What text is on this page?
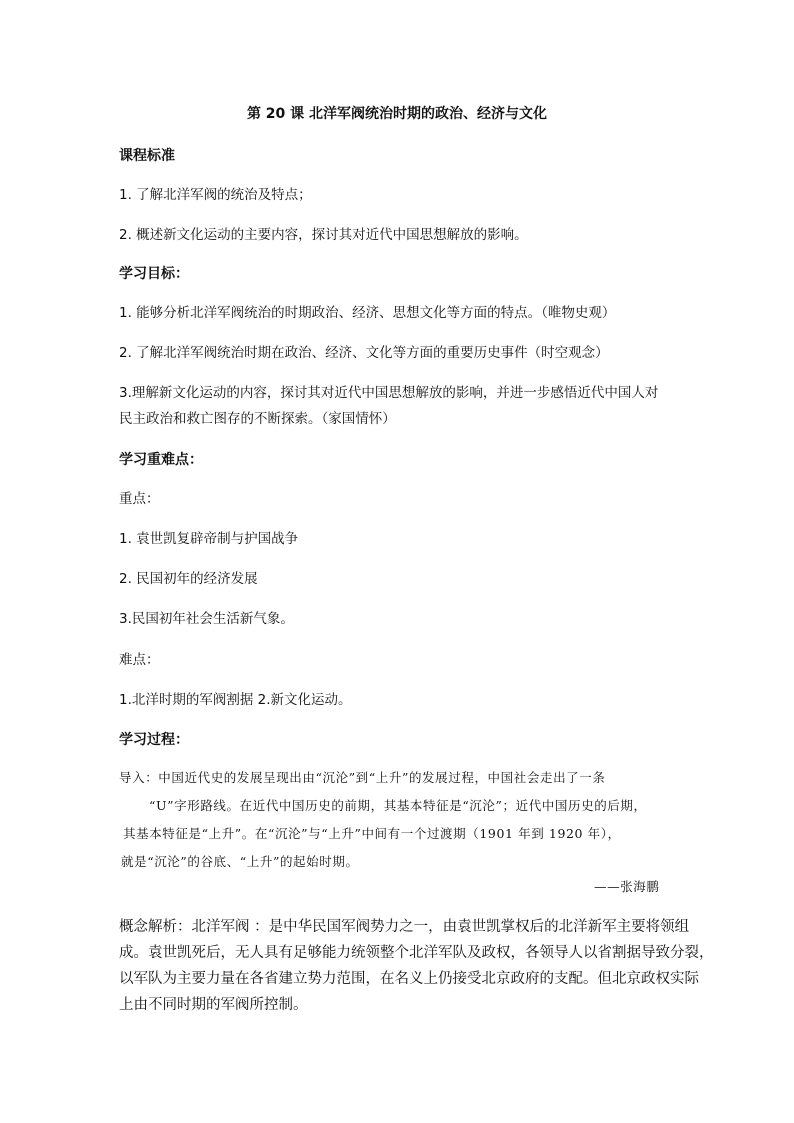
第 20 课 北洋军阀统治时期的政治、经济与文化
课程标准
1. 了解北洋军阀的统治及特点；
2. 概述新文化运动的主要内容，探讨其对近代中国思想解放的影响。
学习目标：
1. 能够分析北洋军阀统治的时期政治、经济、思想文化等方面的特点。（唯物史观）
2. 了解北洋军阀统治时期在政治、经济、文化等方面的重要历史事件（时空观念）
3.理解新文化运动的内容，探讨其对近代中国思想解放的影响，并进一步感悟近代中国人对
民主政治和救亡图存的不断探索。（家国情怀）
学习重难点：
重点：
1. 袁世凯复辟帝制与护国战争
2. 民国初年的经济发展
3.民国初年社会生活新气象。
难点：
1.北洋时期的军阀割据 2.新文化运动。
学习过程：
导入：中国近代史的发展呈现出由“沉沦”到“上升”的发展过程，中国社会走出了一条
“U”字形路线。在近代中国历史的前期，其基本特征是“沉沦”；近代中国历史的后期，
其基本特征是“上升”。在“沉沦”与“上升”中间有一个过渡期（1901 年到 1920 年），
就是“沉沦”的谷底、“上升”的起始时期。
——张海鹏
概念解析：北洋军阀 ：是中华民国军阀势力之一，由袁世凯掌权后的北洋新军主要将领组
成。袁世凯死后，无人具有足够能力统领整个北洋军队及政权，各领导人以省割据导致分裂，
以军队为主要力量在各省建立势力范围，在名义上仍接受北京政府的支配。但北京政权实际
上由不同时期的军阀所控制。
